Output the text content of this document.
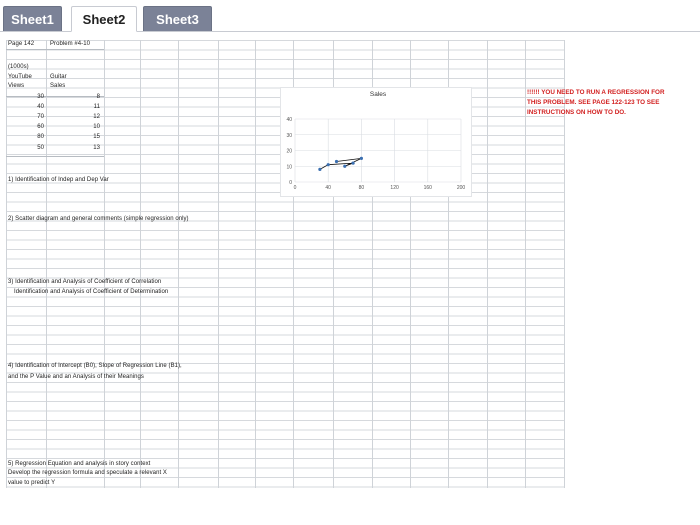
Sheet1	Sheet2	Sheet3
Page 142	Problem #4-10
(1000s)
YouTube	Guitar
Views	Sales
30	8
40	11
70	12
60	10
80	15
50	13
1) Identification of Indep and Dep Var
2) Scatter diagram and general comments (simple regression only)
3) Identification and Analysis of Coefficient of Correlation
Identification and Analysis of Coefficient of Determination
4) Identification of Intercept (B0), Slope of Regression Line (B1),
and the P Value and an Analysis of their Meanings
5) Regression Equation and analysis in story context
Develop the regression formula and speculate a relevant X
value to predict Y
!!!!!! YOU NEED TO RUN A REGRESSION FOR
THIS PROBLEM. SEE PAGE 122-123 TO SEE
INSTRUCTIONS ON HOW TO DO.
Sales
0
10
20
30
40
0	40	80	120	160	200
